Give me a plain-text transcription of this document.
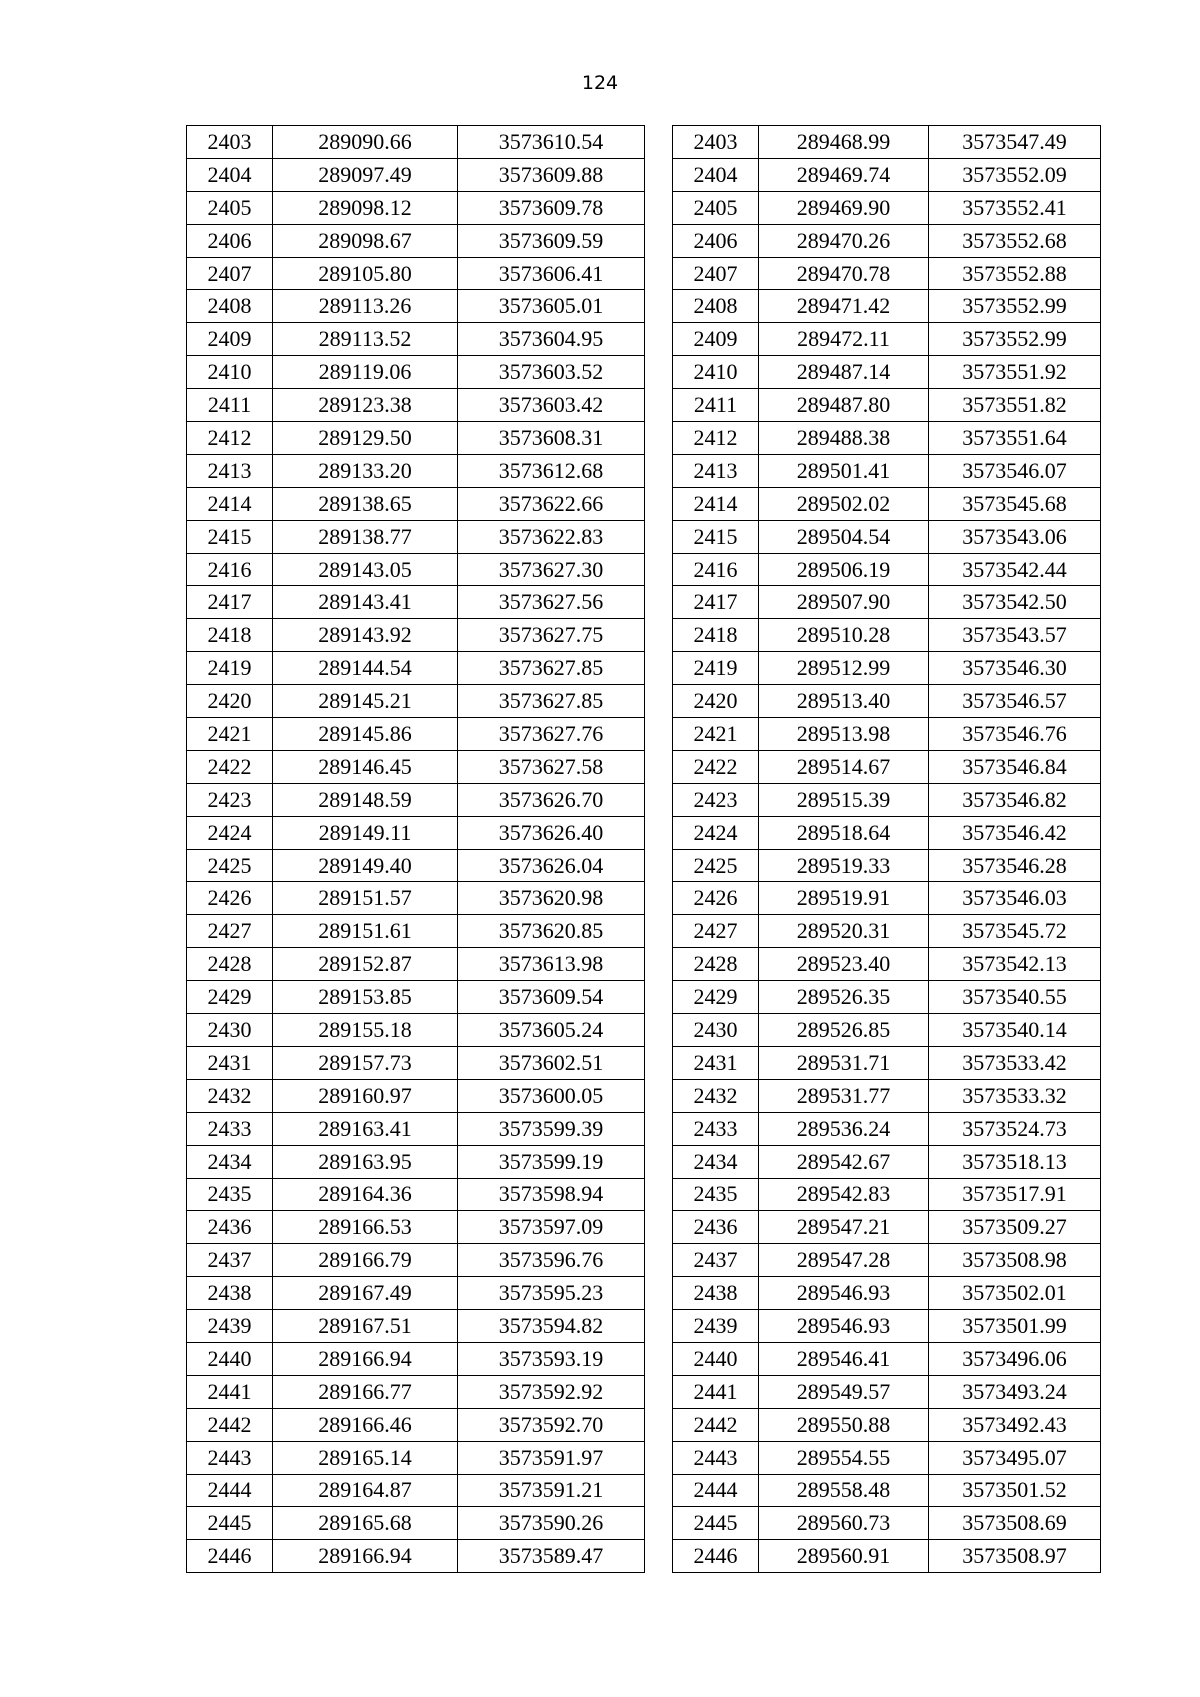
124
2403	289090.66	3573610.54		2403	289468.99	3573547.49
2404	289097.49	3573609.88		2404	289469.74	3573552.09
2405	289098.12	3573609.78		2405	289469.90	3573552.41
2406	289098.67	3573609.59		2406	289470.26	3573552.68
2407	289105.80	3573606.41		2407	289470.78	3573552.88
2408	289113.26	3573605.01		2408	289471.42	3573552.99
2409	289113.52	3573604.95		2409	289472.11	3573552.99
2410	289119.06	3573603.52		2410	289487.14	3573551.92
2411	289123.38	3573603.42		2411	289487.80	3573551.82
2412	289129.50	3573608.31		2412	289488.38	3573551.64
2413	289133.20	3573612.68		2413	289501.41	3573546.07
2414	289138.65	3573622.66		2414	289502.02	3573545.68
2415	289138.77	3573622.83		2415	289504.54	3573543.06
2416	289143.05	3573627.30		2416	289506.19	3573542.44
2417	289143.41	3573627.56		2417	289507.90	3573542.50
2418	289143.92	3573627.75		2418	289510.28	3573543.57
2419	289144.54	3573627.85		2419	289512.99	3573546.30
2420	289145.21	3573627.85		2420	289513.40	3573546.57
2421	289145.86	3573627.76		2421	289513.98	3573546.76
2422	289146.45	3573627.58		2422	289514.67	3573546.84
2423	289148.59	3573626.70		2423	289515.39	3573546.82
2424	289149.11	3573626.40		2424	289518.64	3573546.42
2425	289149.40	3573626.04		2425	289519.33	3573546.28
2426	289151.57	3573620.98		2426	289519.91	3573546.03
2427	289151.61	3573620.85		2427	289520.31	3573545.72
2428	289152.87	3573613.98		2428	289523.40	3573542.13
2429	289153.85	3573609.54		2429	289526.35	3573540.55
2430	289155.18	3573605.24		2430	289526.85	3573540.14
2431	289157.73	3573602.51		2431	289531.71	3573533.42
2432	289160.97	3573600.05		2432	289531.77	3573533.32
2433	289163.41	3573599.39		2433	289536.24	3573524.73
2434	289163.95	3573599.19		2434	289542.67	3573518.13
2435	289164.36	3573598.94		2435	289542.83	3573517.91
2436	289166.53	3573597.09		2436	289547.21	3573509.27
2437	289166.79	3573596.76		2437	289547.28	3573508.98
2438	289167.49	3573595.23		2438	289546.93	3573502.01
2439	289167.51	3573594.82		2439	289546.93	3573501.99
2440	289166.94	3573593.19		2440	289546.41	3573496.06
2441	289166.77	3573592.92		2441	289549.57	3573493.24
2442	289166.46	3573592.70		2442	289550.88	3573492.43
2443	289165.14	3573591.97		2443	289554.55	3573495.07
2444	289164.87	3573591.21		2444	289558.48	3573501.52
2445	289165.68	3573590.26		2445	289560.73	3573508.69
2446	289166.94	3573589.47		2446	289560.91	3573508.97
